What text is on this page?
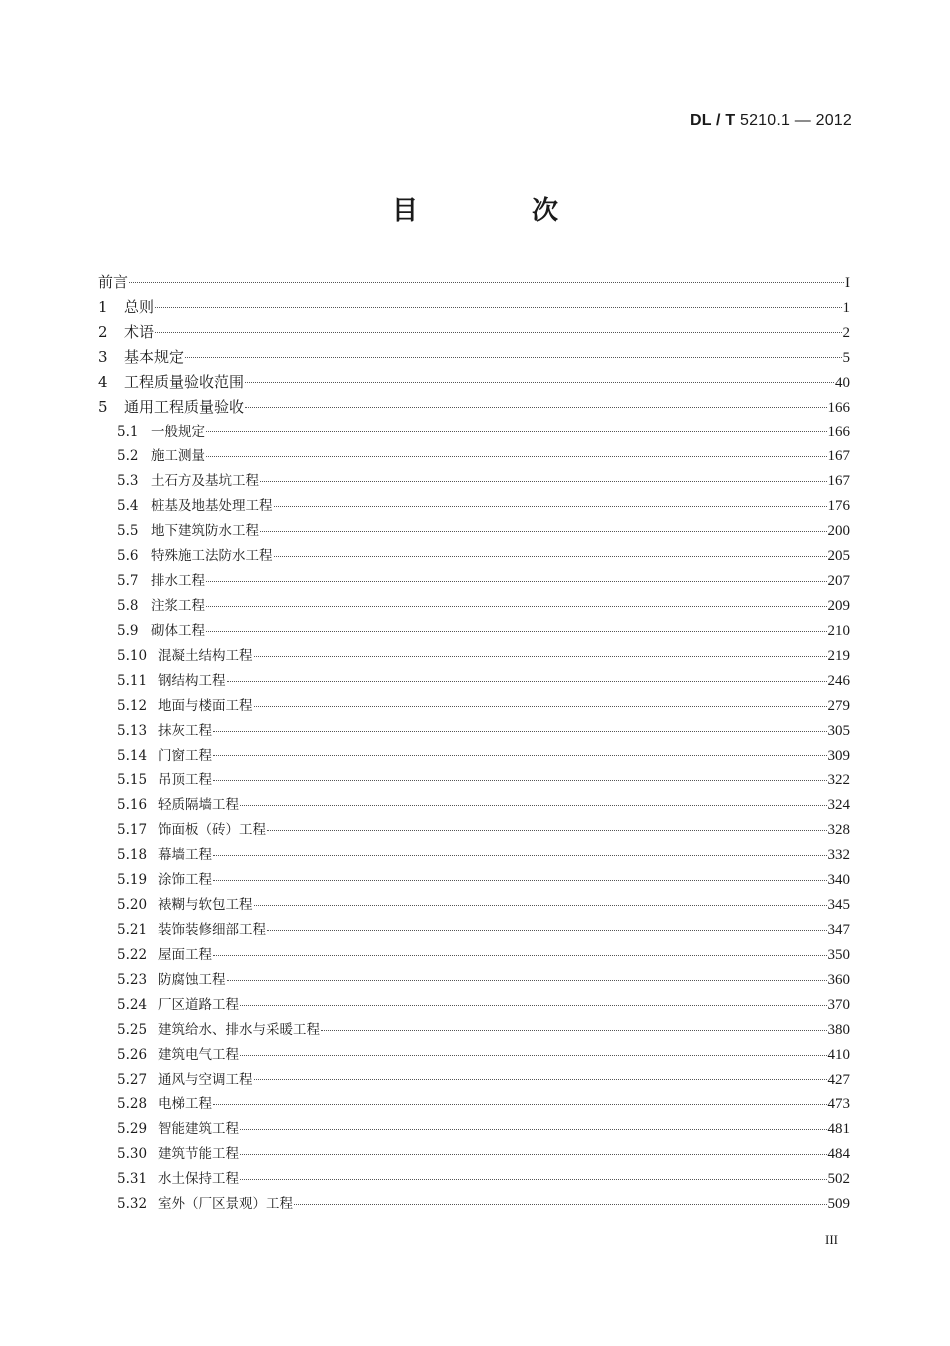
DL / T 5210.1 — 2012
目　次
前言	I
1	总则	1
2	术语	2
3	基本规定	5
4	工程质量验收范围	40
5	通用工程质量验收	166
5.1 一般规定	166
5.2 施工测量	167
5.3 土石方及基坑工程	167
5.4 桩基及地基处理工程	176
5.5 地下建筑防水工程	200
5.6 特殊施工法防水工程	205
5.7 排水工程	207
5.8 注浆工程	209
5.9 砌体工程	210
5.10 混凝土结构工程	219
5.11 钢结构工程	246
5.12 地面与楼面工程	279
5.13 抹灰工程	305
5.14 门窗工程	309
5.15 吊顶工程	322
5.16 轻质隔墙工程	324
5.17 饰面板（砖）工程	328
5.18 幕墙工程	332
5.19 涂饰工程	340
5.20 裱糊与软包工程	345
5.21 装饰装修细部工程	347
5.22 屋面工程	350
5.23 防腐蚀工程	360
5.24 厂区道路工程	370
5.25 建筑给水、排水与采暖工程	380
5.26 建筑电气工程	410
5.27 通风与空调工程	427
5.28 电梯工程	473
5.29 智能建筑工程	481
5.30 建筑节能工程	484
5.31 水土保持工程	502
5.32 室外（厂区景观）工程	509
III
